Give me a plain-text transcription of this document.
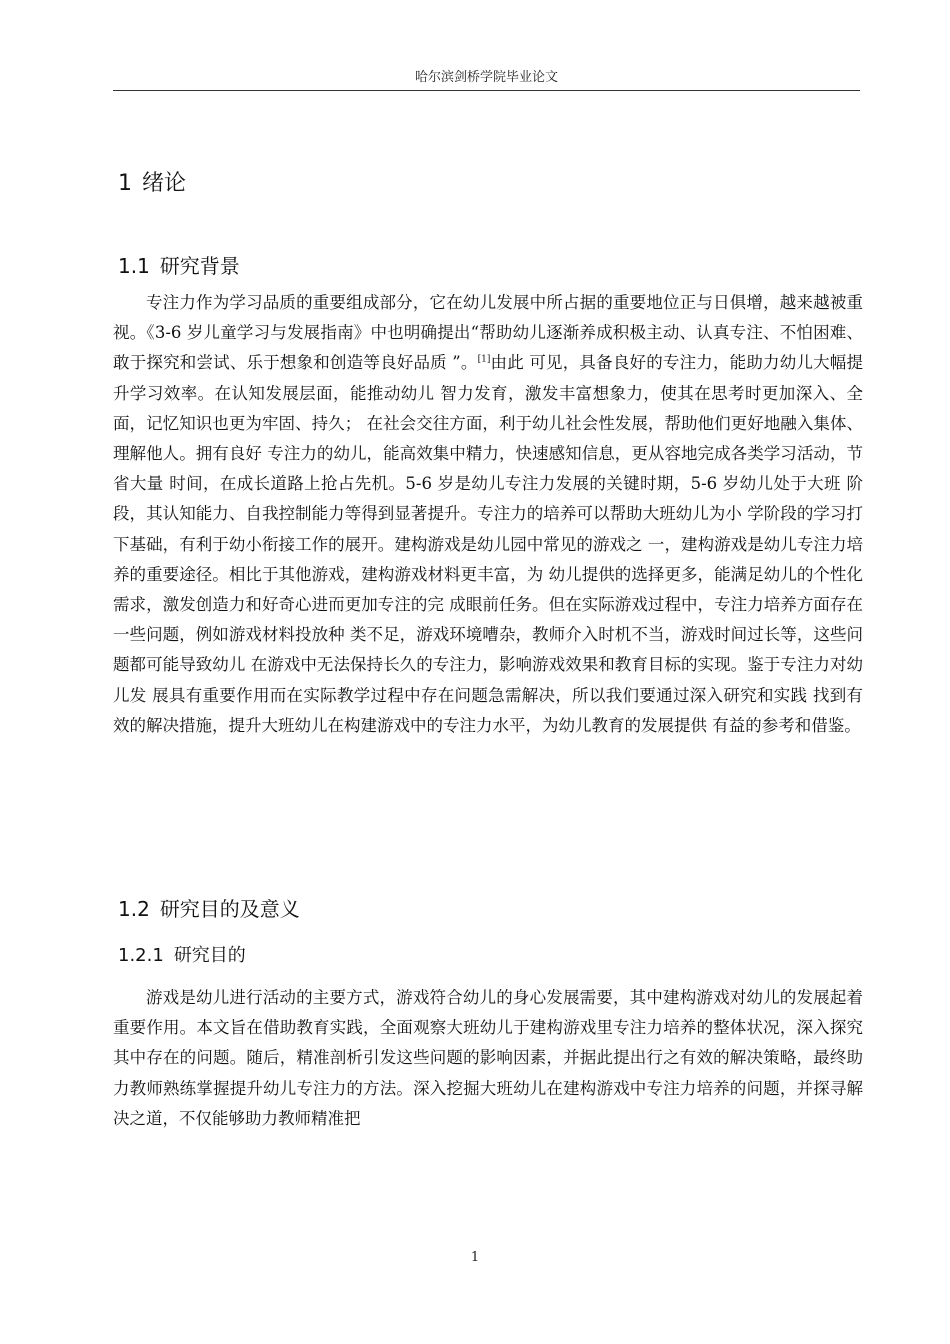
哈尔滨剑桥学院毕业论文
1 绪论
1.1 研究背景
专注力作为学习品质的重要组成部分，它在幼儿发展中所占据的重要地位正与日俱增，越来越被重视。《3-6 岁儿童学习与发展指南》中也明确提出“帮助幼儿逐渐养成积极主动、认真专注、不怕困难、敢于探究和尝试、乐于想象和创造等良好品质 ”。[1]由此 可见，具备良好的专注力，能助力幼儿大幅提升学习效率。在认知发展层面，能推动幼儿 智力发育，激发丰富想象力，使其在思考时更加深入、全面，记忆知识也更为牢固、持久； 在社会交往方面，利于幼儿社会性发展，帮助他们更好地融入集体、理解他人。拥有良好 专注力的幼儿，能高效集中精力，快速感知信息，更从容地完成各类学习活动，节省大量 时间，在成长道路上抢占先机。5-6 岁是幼儿专注力发展的关键时期，5-6 岁幼儿处于大班 阶段，其认知能力、自我控制能力等得到显著提升。专注力的培养可以帮助大班幼儿为小 学阶段的学习打下基础，有利于幼小衔接工作的展开。建构游戏是幼儿园中常见的游戏之 一，建构游戏是幼儿专注力培养的重要途径。相比于其他游戏，建构游戏材料更丰富，为 幼儿提供的选择更多，能满足幼儿的个性化需求，激发创造力和好奇心进而更加专注的完 成眼前任务。但在实际游戏过程中，专注力培养方面存在一些问题，例如游戏材料投放种 类不足，游戏环境嘈杂，教师介入时机不当，游戏时间过长等，这些问题都可能导致幼儿 在游戏中无法保持长久的专注力，影响游戏效果和教育目标的实现。鉴于专注力对幼儿发 展具有重要作用而在实际教学过程中存在问题急需解决，所以我们要通过深入研究和实践 找到有效的解决措施，提升大班幼儿在构建游戏中的专注力水平，为幼儿教育的发展提供 有益的参考和借鉴。
1.2 研究目的及意义
1.2.1 研究目的
游戏是幼儿进行活动的主要方式，游戏符合幼儿的身心发展需要，其中建构游戏对幼儿的发展起着重要作用。本文旨在借助教育实践，全面观察大班幼儿于建构游戏里专注力培养的整体状况，深入探究其中存在的问题。随后，精准剖析引发这些问题的影响因素，并据此提出行之有效的解决策略，最终助力教师熟练掌握提升幼儿专注力的方法。深入挖掘大班幼儿在建构游戏中专注力培养的问题，并探寻解决之道，不仅能够助力教师精准把
1
